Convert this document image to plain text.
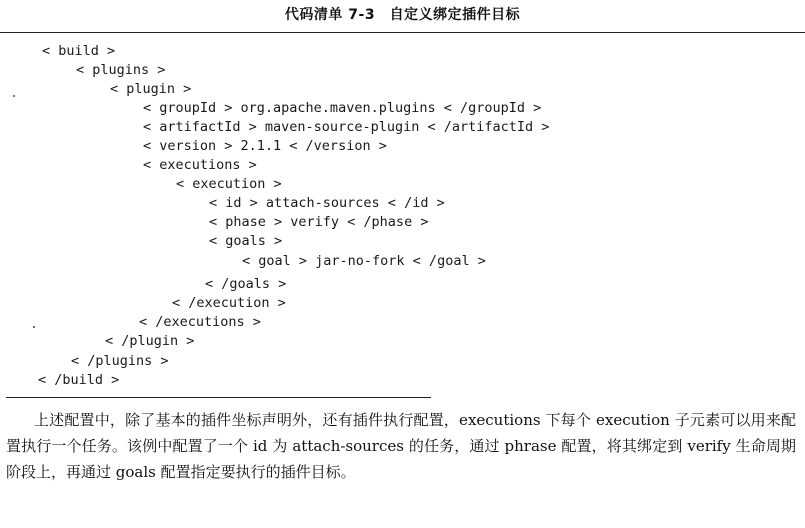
代码清单 7-3　自定义绑定插件目标
< build >
< plugins >
< plugin >
< groupId > org.apache.maven.plugins < /groupId >
< artifactId > maven-source-plugin < /artifactId >
< version > 2.1.1 < /version >
< executions >
< execution >
< id > attach-sources < /id >
< phase > verify < /phase >
< goals >
< goal > jar-no-fork < /goal >
< /goals >
< /execution >
< /executions >
< /plugin >
< /plugins >
< /build >
上述配置中，除了基本的插件坐标声明外，还有插件执行配置，executions 下每个 execution 子元素可以用来配置执行一个任务。该例中配置了一个 id 为 attach-sources 的任务，通过 phrase 配置，将其绑定到 verify 生命周期阶段上，再通过 goals 配置指定要执行的插件目标。
